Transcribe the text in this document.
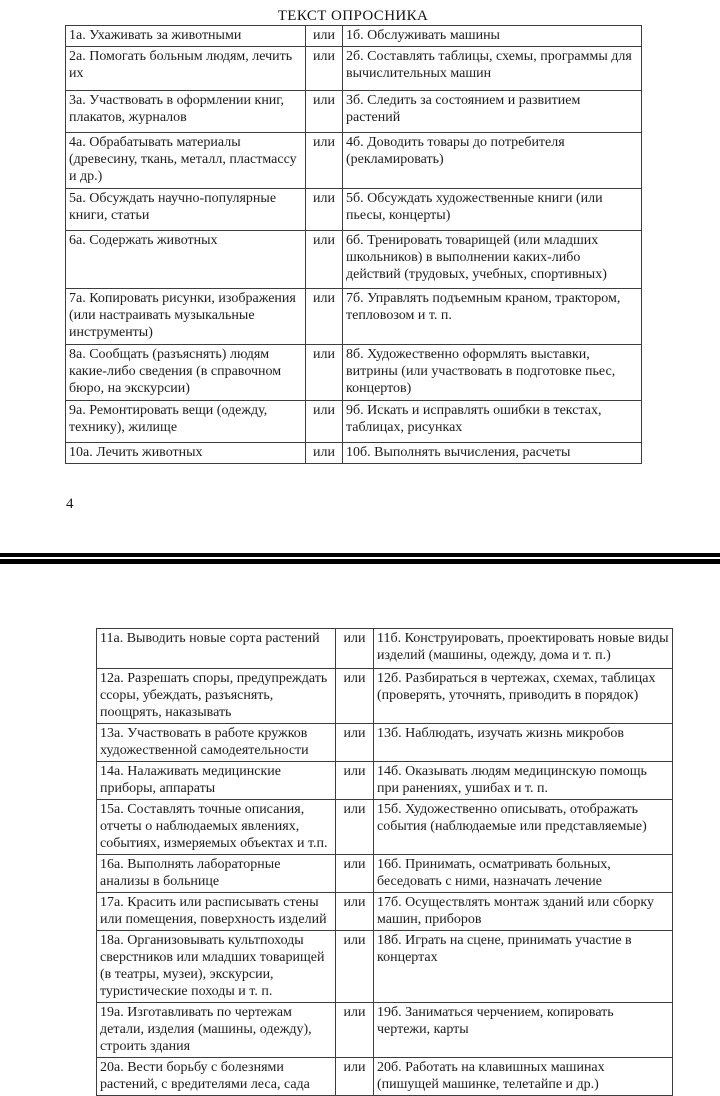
ТЕКСТ ОПРОСНИКА
1а. Ухаживать за животными	или	1б. Обслуживать машины
2а. Помогать больным людям, лечить их	или	2б. Составлять таблицы, схемы, программы для вычислительных машин
3а. Участвовать в оформлении книг, плакатов, журналов	или	3б. Следить за состоянием и развитием растений
4а. Обрабатывать материалы (древесину, ткань, металл, пластмассу и др.)	или	4б. Доводить товары до потребителя (рекламировать)
5а. Обсуждать научно-популярные книги, статьи	или	5б. Обсуждать художественные книги (или пьесы, концерты)
6а. Содержать животных	или	6б. Тренировать товарищей (или младших школьников) в выполнении каких-либо действий (трудовых, учебных, спортивных)
7а. Копировать рисунки, изображения (или настраивать музыкальные инструменты)	или	7б. Управлять подъемным краном, трактором, тепловозом и т. п.
8а. Сообщать (разъяснять) людям какие-либо сведения (в справочном бюро, на экскурсии)	или	8б. Художественно оформлять выставки, витрины (или участвовать в подготовке пьес, концертов)
9а. Ремонтировать вещи (одежду, технику), жилище	или	9б. Искать и исправлять ошибки в текстах, таблицах, рисунках
10а. Лечить животных	или	10б. Выполнять вычисления, расчеты
4
11а. Выводить новые сорта растений	или	11б. Конструировать, проектировать новые виды изделий (машины, одежду, дома и т. п.)
12а. Разрешать споры, предупреждать ссоры, убеждать, разъяснять, поощрять, наказывать	или	12б. Разбираться в чертежах, схемах, таблицах (проверять, уточнять, приводить в порядок)
13а. Участвовать в работе кружков художественной самодеятельности	или	13б. Наблюдать, изучать жизнь микробов
14а. Налаживать медицинские приборы, аппараты	или	14б. Оказывать людям медицинскую помощь при ранениях, ушибах и т. п.
15а. Составлять точные описания, отчеты о наблюдаемых явлениях, событиях, измеряемых объектах и т.п.	или	15б. Художественно описывать, отображать события (наблюдаемые или представляемые)
16а. Выполнять лабораторные анализы в больнице	или	16б. Принимать, осматривать больных, беседовать с ними, назначать лечение
17а. Красить или расписывать стены или помещения, поверхность изделий	или	17б. Осуществлять монтаж зданий или сборку машин, приборов
18а. Организовывать культпоходы сверстников или младших товарищей (в театры, музеи), экскурсии, туристические походы и т. п.	или	18б. Играть на сцене, принимать участие в концертах
19а. Изготавливать по чертежам детали, изделия (машины, одежду), строить здания	или	19б. Заниматься черчением, копировать чертежи, карты
20а. Вести борьбу с болезнями растений, с вредителями леса, сада	или	20б. Работать на клавишных машинах (пишущей машинке, телетайпе и др.)
